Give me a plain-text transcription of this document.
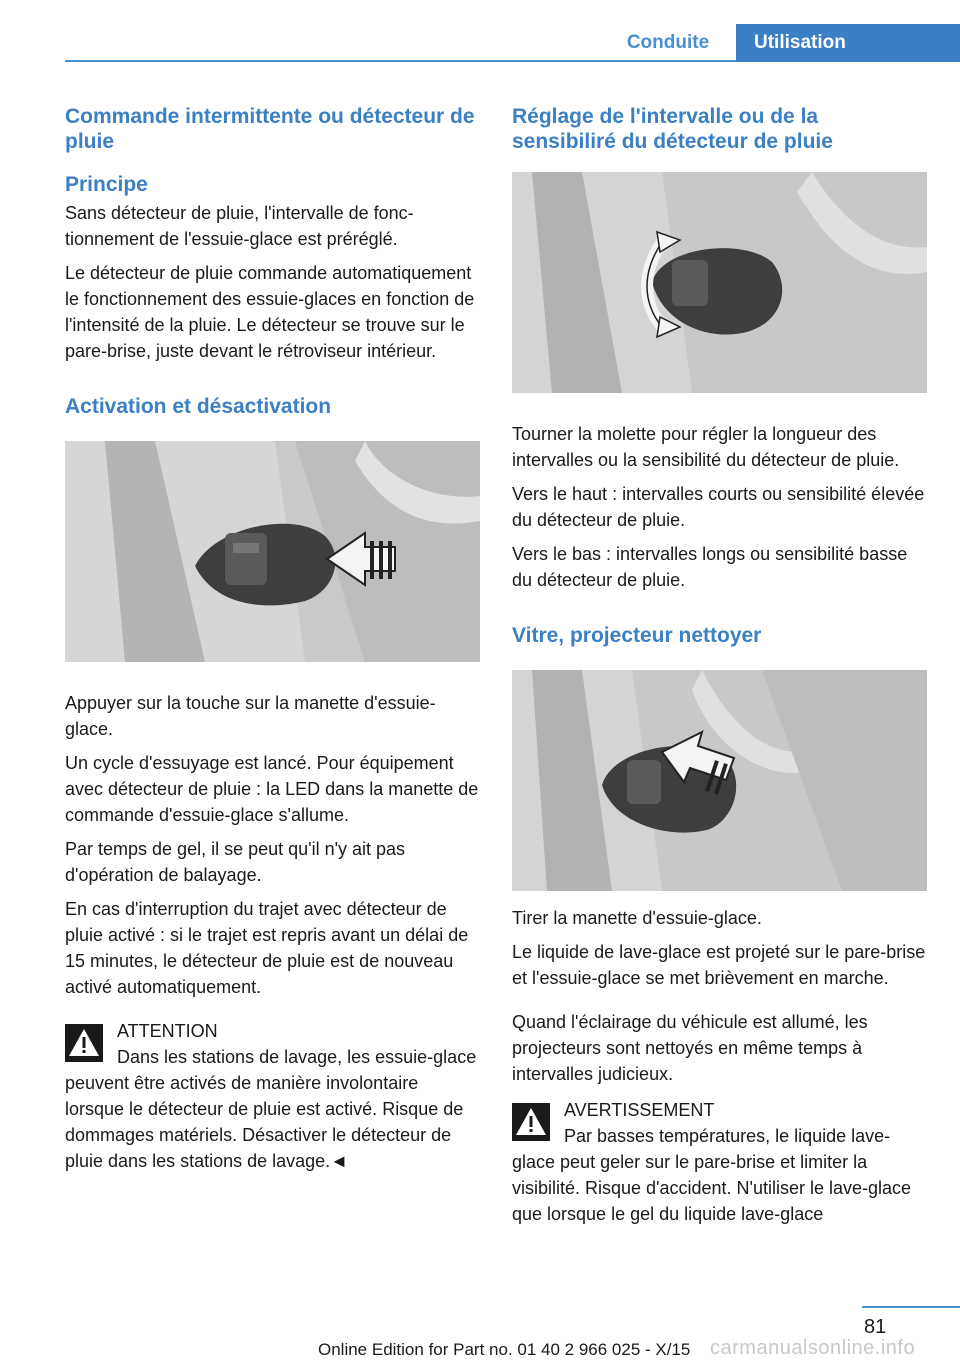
Conduite	Utilisation
Commande intermittente ou détecteur de pluie
Principe

Sans détecteur de pluie, l'intervalle de fonctionnement de l'essuie-glace est préréglé.

Le détecteur de pluie commande automatiquement le fonctionnement des essuie-glaces en fonction de l'intensité de la pluie. Le détecteur se trouve sur le pare-brise, juste devant le rétroviseur intérieur.

Activation et désactivation

Appuyer sur la touche sur la manette d'essuie-glace.

Un cycle d'essuyage est lancé. Pour équipement avec détecteur de pluie : la LED dans la manette de commande d'essuie-glace s'allume.

Par temps de gel, il se peut qu'il n'y ait pas d'opération de balayage.

En cas d'interruption du trajet avec détecteur de pluie activé : si le trajet est repris avant un délai de 15 minutes, le détecteur de pluie est de nouveau activé automatiquement.

ATTENTION

Dans les stations de lavage, les essuie-glace peuvent être activés de manière involontaire lorsque le détecteur de pluie est activé. Risque de dommages matériels. Désactiver le détecteur de pluie dans les stations de lavage.◄

Réglage de l'intervalle ou de la sensibiliré du détecteur de pluie

Tourner la molette pour régler la longueur des intervalles ou la sensibilité du détecteur de pluie.

Vers le haut : intervalles courts ou sensibilité élevée du détecteur de pluie.

Vers le bas : intervalles longs ou sensibilité basse du détecteur de pluie.

Vitre, projecteur nettoyer

Tirer la manette d'essuie-glace.

Le liquide de lave-glace est projeté sur le pare-brise et l'essuie-glace se met brièvement en marche.

Quand l'éclairage du véhicule est allumé, les projecteurs sont nettoyés en même temps à intervalles judicieux.

AVERTISSEMENT

Par basses températures, le liquide lave-glace peut geler sur le pare-brise et limiter la visibilité. Risque d'accident. N'utiliser le lave-glace que lorsque le gel du liquide lave-glace

81
Online Edition for Part no. 01 40 2 966 025 - X/15 carmanualsonline.info
